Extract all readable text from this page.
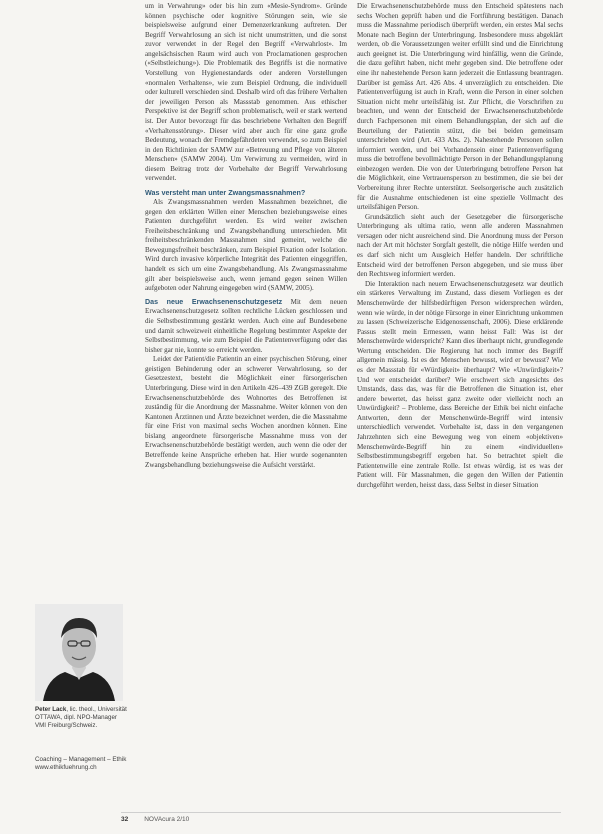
um in Verwahrung» oder bis hin zum «Mesie-Syndrom». Gründe können psychische oder kognitive Störungen sein, wie sie beispielsweise aufgrund einer Demenzerkrankung auftreten. Der Begriff Verwahrlosung an sich ist nicht unumstritten, und die sonst zuvor verwendet in der Regel den Begriff «Verwahrlost». Im angelsächsischen Raum wird auch von Proclamationen gesprochen («Selbstleichung»). Die Problematik des Begriffs ist die normative Vorstellung von Hygienestandards oder anderen Vorstellungen «normalen Verhaltens», wie zum Beispiel Ordnung, die individuell oder kulturell verschieden sind. Deshalb wird oft das frühere Verhalten der jeweiligen Person als Massstab genommen. Aus ethischer Perspektive ist der Begriff schon problematisch, weil er stark wertend ist. Der Autor bevorzugt für das beschriebene Verhalten den Begriff «Verhaltensstörung». Dieser wird aber auch für eine ganz große Bedeutung, wonach der Fremdgefährdeten verwendet, so zum Beispiel in den Richtlinien der SAMW zur «Betreuung und Pflege von älteren Menschen» (SAMW 2004). Um Verwirrung zu vermeiden, wird in diesem Beitrag trotz der Vorbehalte der Begriff Verwahrlosung verwendet.

Was versteht man unter Zwangsmassnahmen?

Als Zwangsmassnahmen werden Massnahmen bezeichnet, die gegen den erklärten Willen einer Menschen beziehungsweise eines Patienten durchgeführt werden. Es wird weiter zwischen Freiheitsbeschränkung und Zwangsbehandlung unterschieden. Mit freiheitsbeschränkenden Massnahmen sind gemeint, welche die Bewegungsfreiheit beschränken, zum Beispiel Fixation oder Isolation. Wird durch invasive körperliche Integrität des Patienten eingegriffen, handelt es sich um eine Zwangsbehandlung. Als Zwangsmassnahme gilt aber beispielsweise auch, wenn jemand gegen seinen Willen aufgeboten oder Nahrung eingegeben wird (SAMW, 2005).

Das neue Erwachsenenschutzgesetz Mit dem neuen Erwachsenenschutzgesetz sollten rechtliche Lücken geschlossen und die Selbstbestimmung gestärkt werden. Auch eine auf Bundesebene und damit schweizweit einheitliche Regelung bestimmter Aspekte der Selbstbestimmung, wie zum Beispiel die Patientenverfügung oder das bisher gar nie, konnte so erreicht werden.

Leidet der Patient/die Patientin an einer psychischen Störung, einer geistigen Behinderung oder an schwerer Verwahrlosung, so der Gesetzestext, besteht die Möglichkeit einer fürsorgerischen Unterbringung. Diese wird in den Artikeln 426–439 ZGB geregelt. Die Erwachsenenschutzbehörde des Wohnortes des Betroffenen ist zuständig für die Anordnung der Massnahme. Weiter können von den Kantonen Ärztinnen und Ärzte bezeichnet werden, die die Massnahme für eine Frist von maximal sechs Wochen anordnen können. Eine bislang angeordnete fürsorgerische Massnahme muss von der Erwachsenenschutzbehörde bestätigt werden, auch wenn die oder der Betreffende keine Ansprüche erheben hat. Hier wurde sogenannten Zwangsbehandlung beziehungsweise die Aufsicht verstärkt.

Die Erwachsenenschutzbehörde muss den Entscheid spätestens nach sechs Wochen geprüft haben und die Fortführung bestätigen. Danach muss die Massnahme periodisch überprüft werden, ein erstes Mal sechs Monate nach Beginn der Unterbringung. Insbesondere muss abgeklärt werden, ob die Voraussetzungen weiter erfüllt sind und die Einrichtung auch geeignet ist. Die Unterbringung wird hinfällig, wenn die Gründe, die dazu geführt haben, nicht mehr gegeben sind. Die betroffene oder eine ihr nahestehende Person kann jederzeit die Entlassung beantragen. Darüber ist gemäss Art. 426 Abs. 4 unverzüglich zu entscheiden. Die Patientenverfügung ist auch in Kraft, wenn die Person in einer solchen Situation nicht mehr urteilsfähig ist. Zur Pflicht, die Vorschriften zu beachten, und wenn der Entscheid der Erwachsenenschutzbehörde durch Fachpersonen mit einem Behandlungsplan, der sich auf die Beurteilung der Patientin stützt, die bei beiden gemeinsam unterschrieben wird (Art. 433 Abs. 2). Nahestehende Personen sollen informiert werden, und bei Vorhandensein einer Patientenverfügung muss die betroffene bevollmächtigte Person in der Behandlungsplanung einbezogen werden. Die von der Unterbringung betroffene Person hat die Möglichkeit, eine Vertrauensperson zu bestimmen, die sie bei der Vorbereitung ihrer Rechte unterstützt. Seelsorgerische auch zusätzlich für die Ausnahme entschiedenen ist eine spezielle Vollmacht des urteilsfähigen Person.

Grundsätzlich sieht auch der Gesetzgeber die fürsorgerische Unterbringung als ultima ratio, wenn alle anderen Massnahmen versagen oder nicht ausreichend sind. Die Anordnung muss der Person nach der Art mit höchster Sorgfalt gestellt, die nötige Hilfe werden und es darf sich nicht um Ausgleich Helfer handeln. Der schriftliche Entscheid wird der betroffenen Person abgegeben, und sie muss über den Rechtsweg informiert werden.

Die Interaktion nach neuem Erwachsenenschutzgesetz war deutlich ein stärkeres Verwaltung im Zustand, dass diesem Vorliegen es der Menschenwürde der hilfsbedürftigen Person widersprechen würden, wenn wie würde, in der nötige Fürsorge in einer Einrichtung unkommen zu lassen (Schweizerische Eidgenossenschaft, 2006). Diese erklärende Passus stellt mein Ermessen, wann heisst Fall: Was ist der Menschenwürde widerspricht? Kann dies überhaupt nicht, grundlegende Wertung entscheiden. Die Regierung hat noch immer des Begriff allgemein mässig. Ist es der Menschen bewusst, wird er bewusst? Wie es der Massstab für «Würdigkeit» überhaupt? Wie «Unwürdigkeit»? Und wer entscheidet darüber? Wie erschwert sich angesichts des Umstands, dass das, was für die Betroffenen die Situation ist, eher andere bewertet, das heisst ganz zweite oder vielleicht noch an Unwürdigkeit? – Probleme, dass Bereiche der Ethik bei nicht einfache Antworten, denn der Menschenwürde-Begriff wird intensiv unterschiedlich verwendet. Vorbehalte ist, dass in den vergangenen Jahrzehnten sich eine Bewegung weg von einem «objektiven» Menschenwürde-Begriff hin zu einem «individuellen» Selbstbestimmungsbegriff ergeben hat. So betrachtet spielt die Patientenwille eine zentrale Rolle. Ist etwas würdig, ist es was der Patient will. Für Massnahmen, die gegen den Willen der Patientin durchgeführt werden, heisst dass, dass Selbst in dieser Situation

Peter Lack, lic. theol., Universität OTTAWA, dipl. NPO-Manager VMI Freiburg/Schweiz.
Coaching – Management – Ethik
www.ethikfuehrung.ch
32 NOVAcura 2/10
